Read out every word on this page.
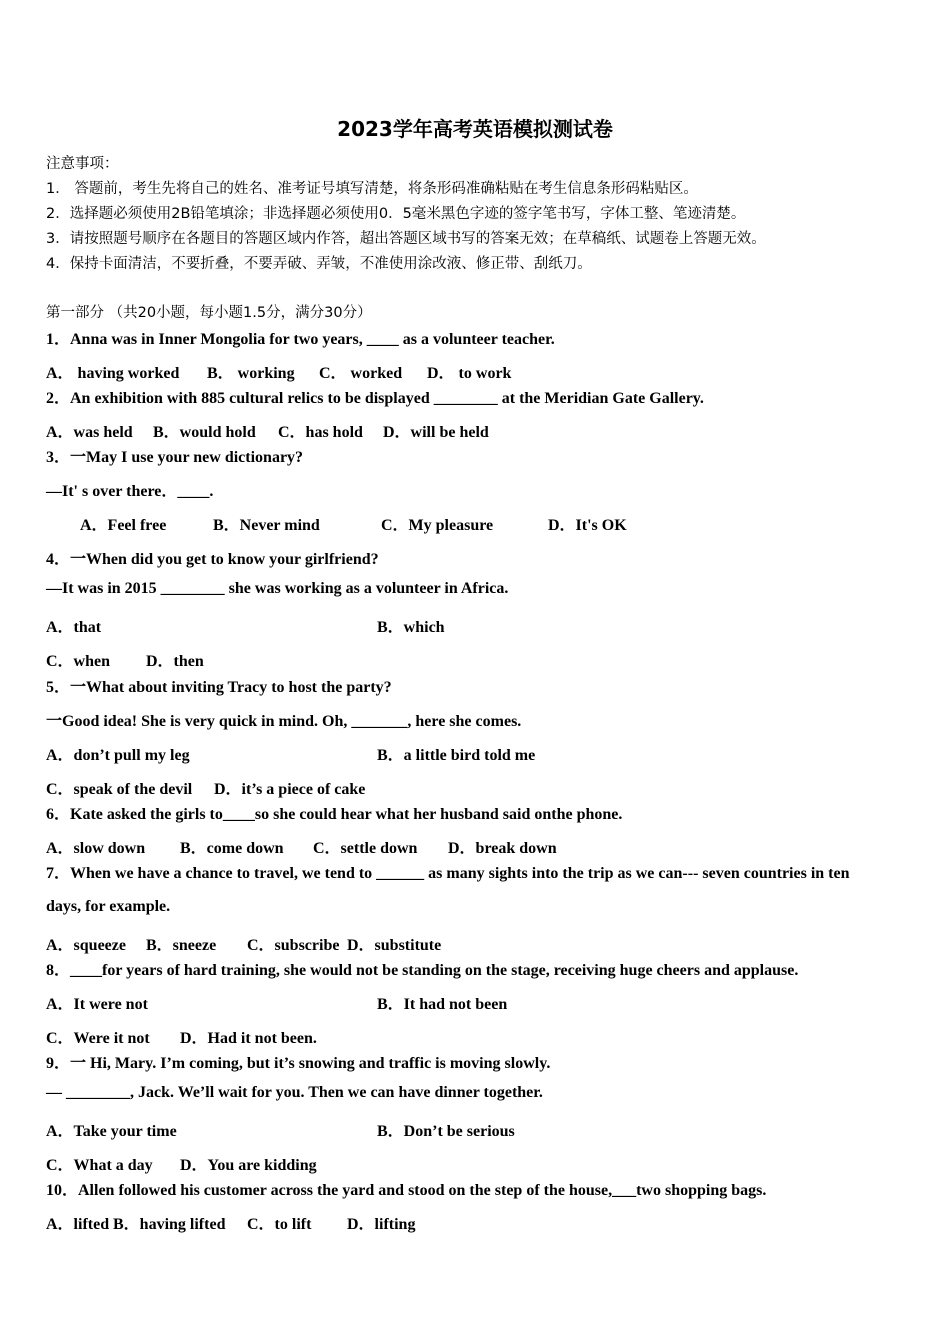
2023学年高考英语模拟测试卷
注意事项：
1． 答题前，考生先将自己的姓名、准考证号填写清楚，将条形码准确粘贴在考生信息条形码粘贴区。
2．选择题必须使用2B铅笔填涂；非选择题必须使用0．5毫米黑色字迹的签字笔书写，字体工整、笔迹清楚。
3．请按照题号顺序在各题目的答题区域内作答，超出答题区域书写的答案无效；在草稿纸、试题卷上答题无效。
4．保持卡面清洁，不要折叠，不要弄破、弄皱，不准使用涂改液、修正带、刮纸刀。
第一部分 （共20小题，每小题1.5分，满分30分）
1．Anna was in Inner Mongolia for two years, ____ as a volunteer teacher.
A． having worked B． working C． worked D． to work
2．An exhibition with 885 cultural relics to be displayed ________ at the Meridian Gate Gallery.
A．was held B．would hold C．has hold D．will be held
3．一May I use your new dictionary?
—It' s over there．____.
A．Feel free	B．Never mind	C．My pleasure	D．It's OK
4．一When did you get to know your girlfriend?
—It was in 2015 ________ she was working as a volunteer in Africa.
A．that	B．which
C．when D．then
5．一What about inviting Tracy to host the party?
一Good idea! She is very quick in mind. Oh, _______, here she comes.
A．don’t pull my leg	B．a little bird told me
C．speak of the devil D．it’s a piece of cake
6．Kate asked the girls to____so she could hear what her husband said onthe phone.
A．slow down B．come down C．settle down D．break down
7．When we have a chance to travel, we tend to ______ as many sights into the trip as we can--- seven countries in ten
days, for example.
A．squeeze B．sneeze C．subscribe D．substitute
8．____for years of hard training, she would not be standing on the stage, receiving huge cheers and applause.
A．It were not	B．It had not been
C．Were it not D．Had it not been.
9．一 Hi, Mary. I’m coming, but it’s snowing and traffic is moving slowly.
— ________, Jack. We’ll wait for you. Then we can have dinner together.
A．Take your time	B．Don’t be serious
C．What a day D．You are kidding
10．Allen followed his customer across the yard and stood on the step of the house,___two shopping bags.
A．lifted B．having lifted C．to lift D．lifting
